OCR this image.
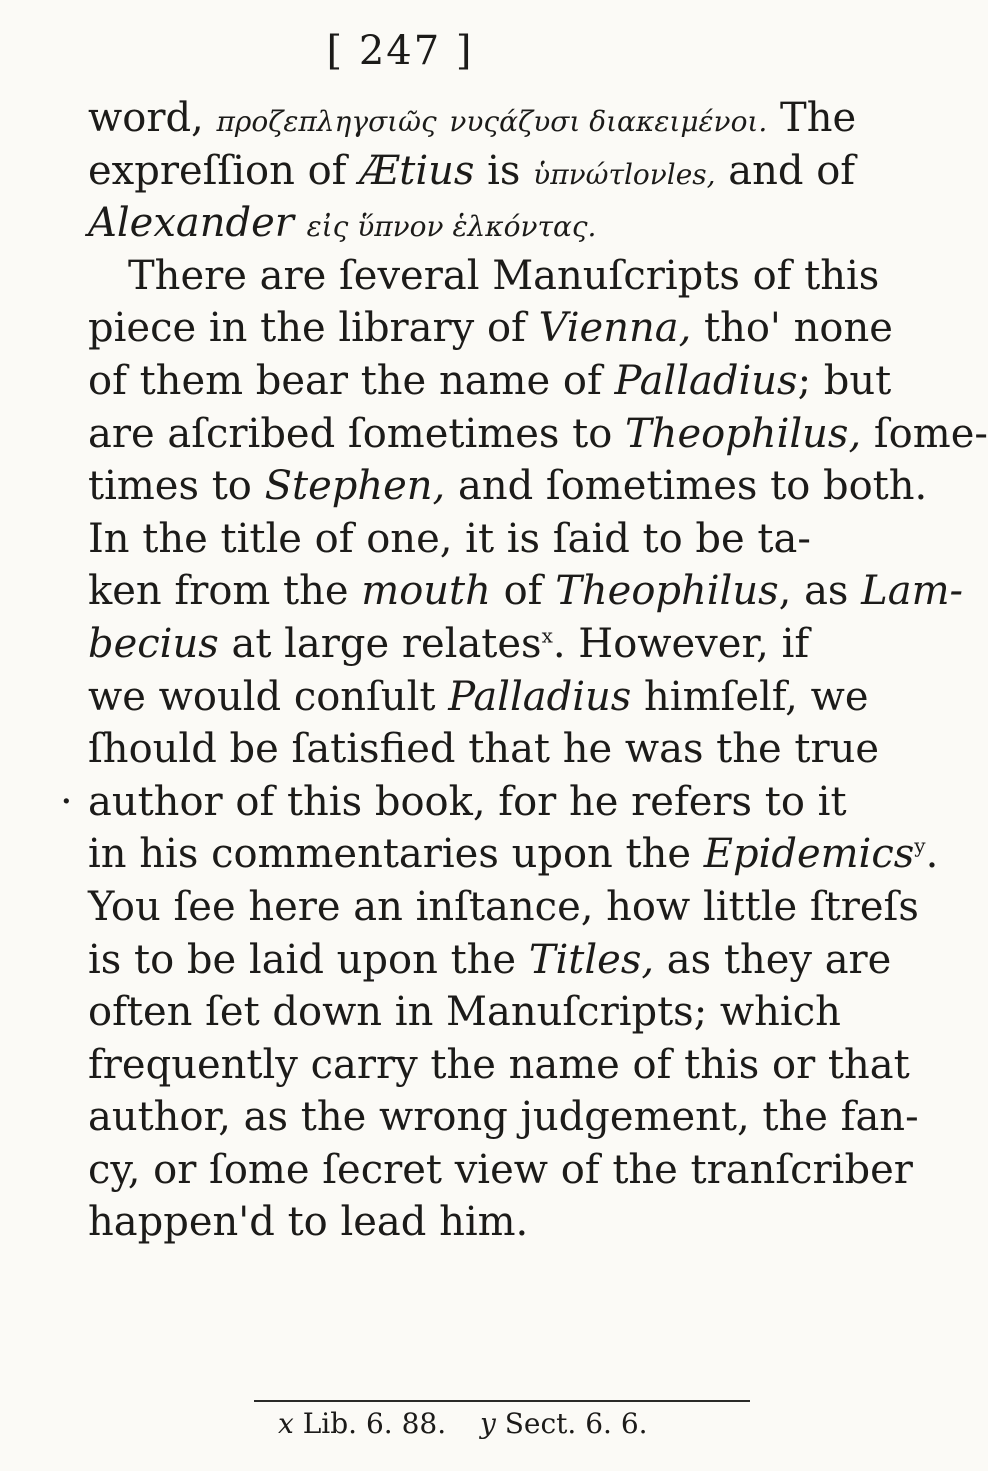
[ 247 ]
word, προζεπληγσιῶς νυςάζυσι διακειμένοι. The
expreſſion of Ætius is ὑπνώτlονles, and of
Alexander εἰς ὕπνον ἑλκόντας.
There are ſeveral Manuſcripts of this
piece in the library of Vienna, tho' none
of them bear the name of Palladius; but
are aſcribed ſometimes to Theophilus, ſome-
times to Stephen, and ſometimes to both.
In the title of one, it is ſaid to be ta-
ken from the mouth of Theophilus, as Lam-
becius at large relates$^x$. However, if
we would conſult Palladius himſelf, we
ſhould be ſatisfied that he was the true
· author of this book, for he refers to it
in his commentaries upon the Epidemics$^y$.
You ſee here an inſtance, how little ſtreſs
is to be laid upon the Titles, as they are
often ſet down in Manuſcripts; which
frequently carry the name of this or that
author, as the wrong judgement, the fan-
cy, or ſome ſecret view of the tranſcriber
happen'd to lead him.
x Lib. 6. 88. y Sect. 6. 6.
